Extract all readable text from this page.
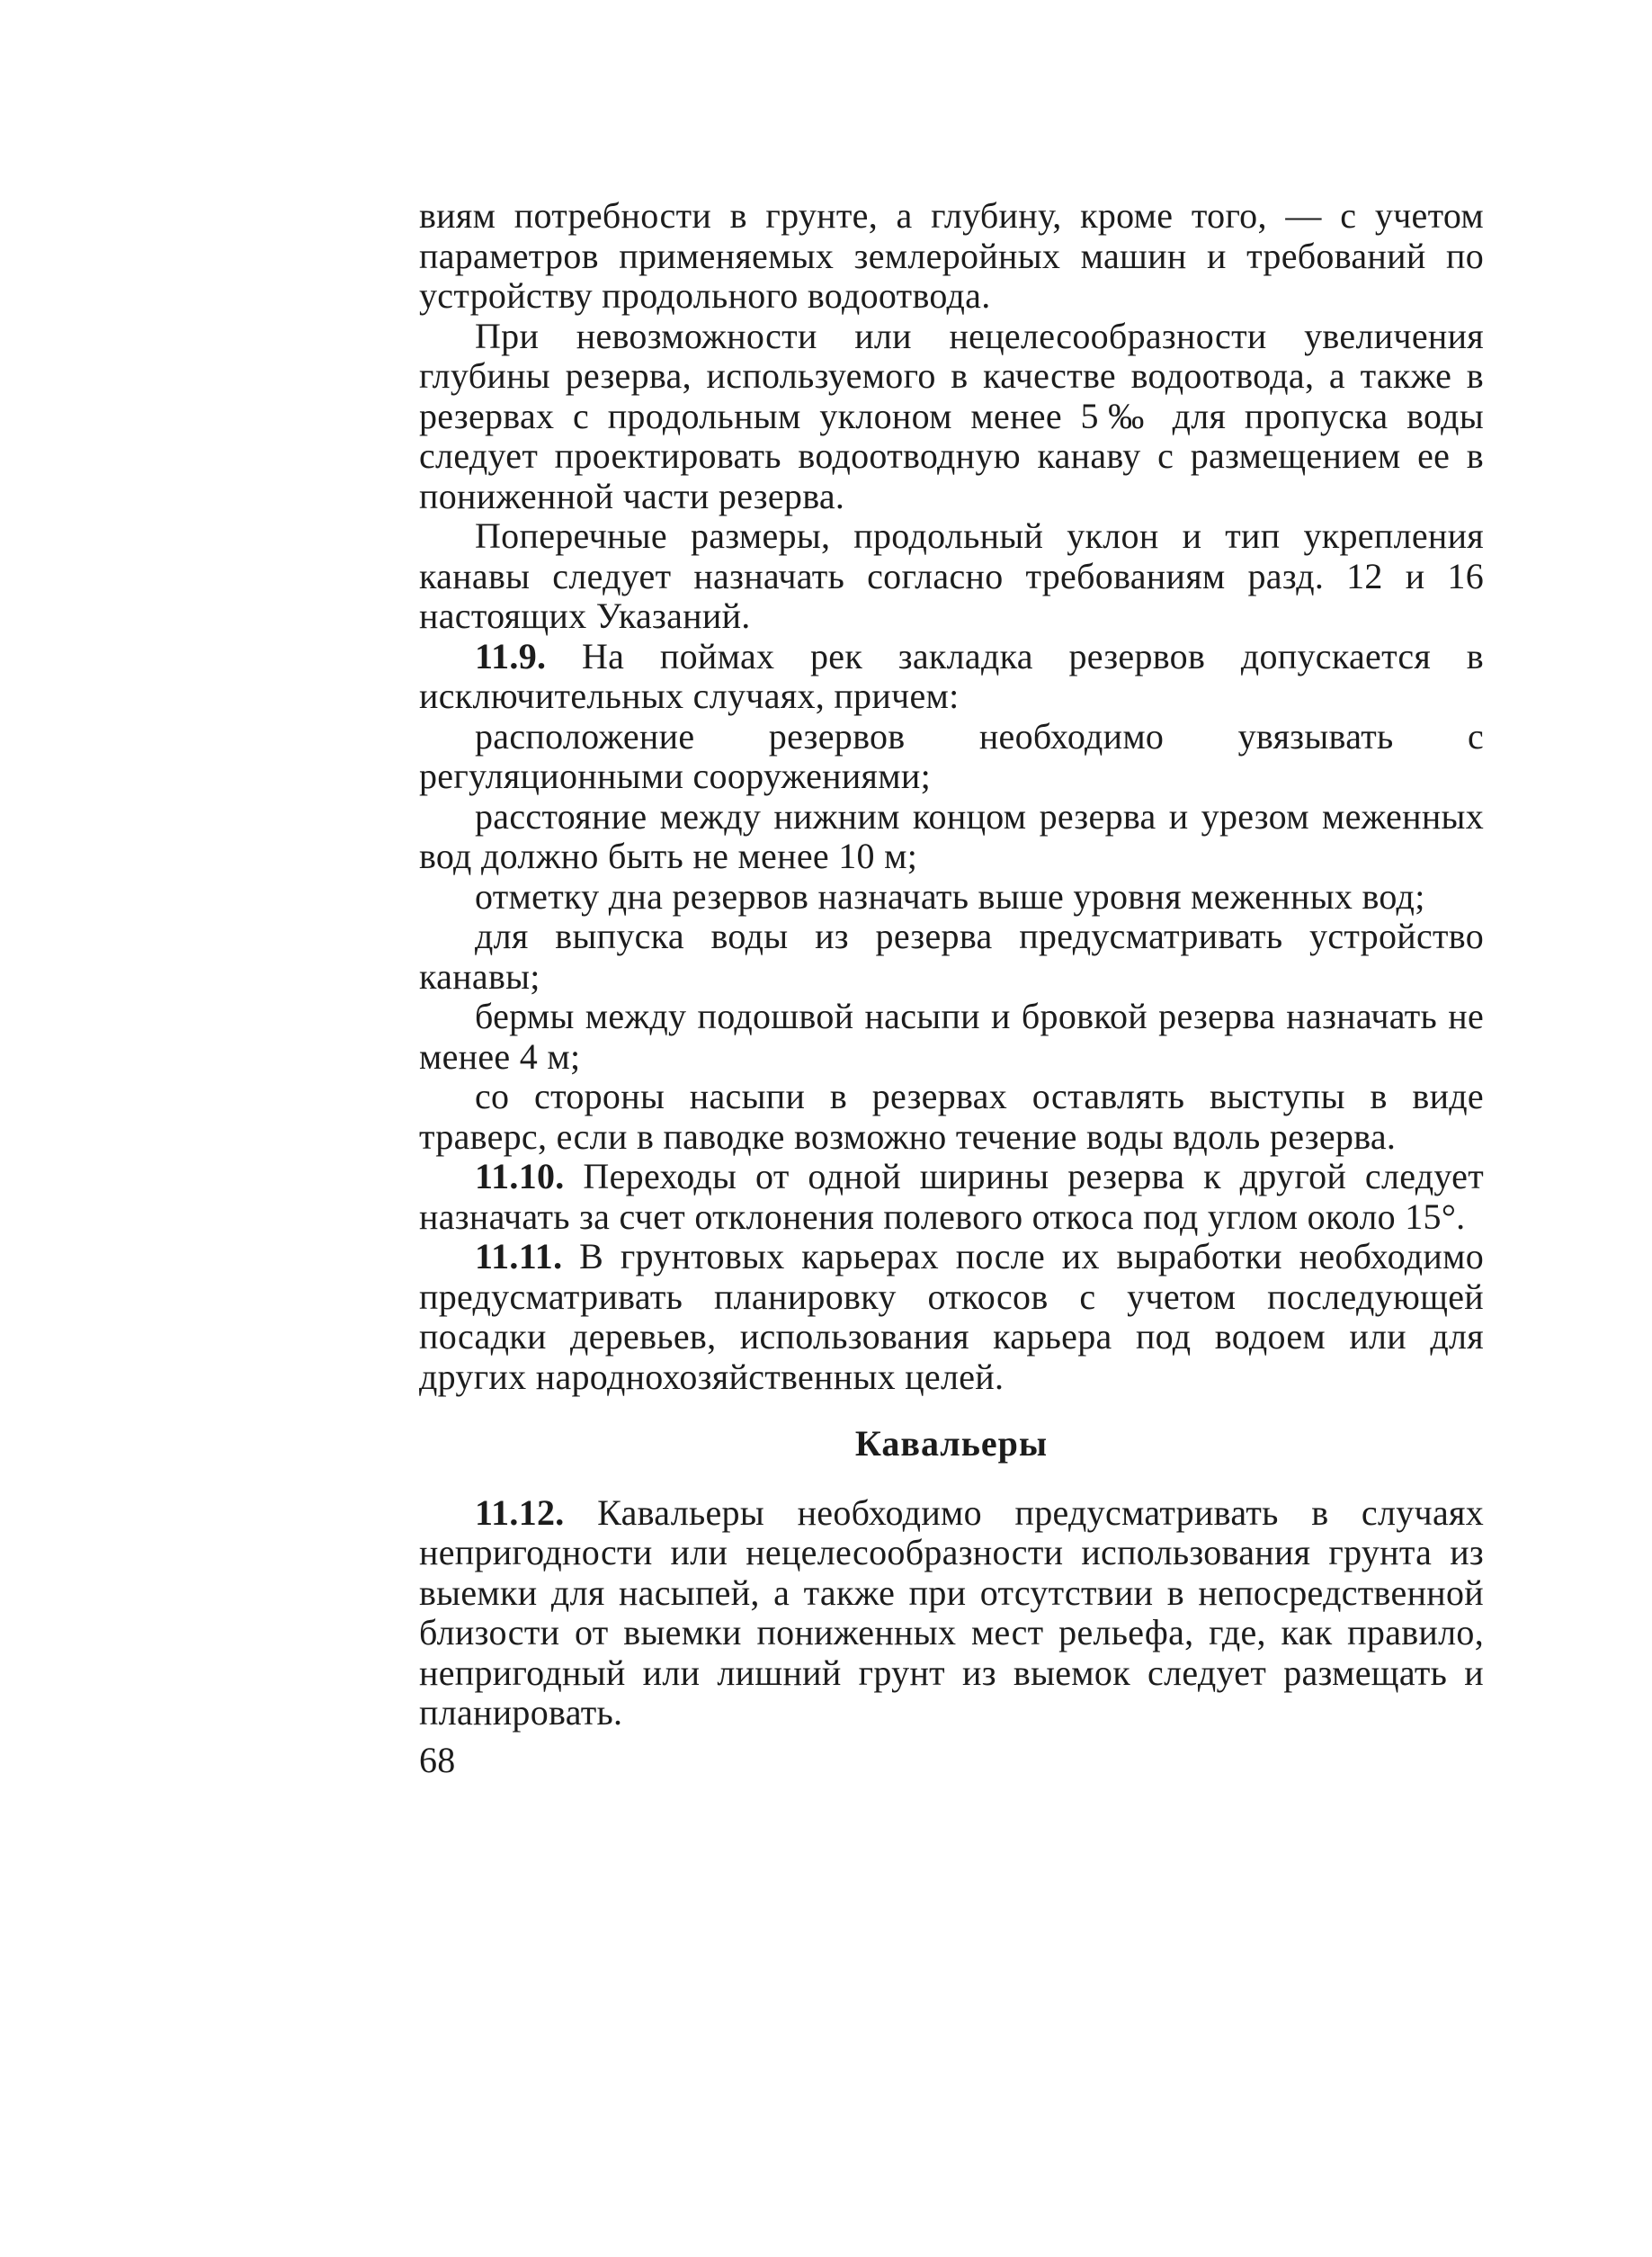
виям потребности в грунте, а глубину, кроме того, — с учетом параметров применяемых землеройных машин и требований по устройству продольного водоотвода.

При невозможности или нецелесообразности увеличения глубины резерва, используемого в качестве водоотвода, а также в резервах с продольным уклоном менее 5‰ для пропуска воды следует проектировать водоотводную канаву с размещением ее в пониженной части резерва.

Поперечные размеры, продольный уклон и тип укрепления канавы следует назначать согласно требованиям разд. 12 и 16 настоящих Указаний.

11.9. На поймах рек закладка резервов допускается в исключительных случаях, причем:

расположение резервов необходимо увязывать с регуляционными сооружениями;

расстояние между нижним концом резерва и урезом меженных вод должно быть не менее 10 м;

отметку дна резервов назначать выше уровня меженных вод;

для выпуска воды из резерва предусматривать устройство канавы;

бермы между подошвой насыпи и бровкой резерва назначать не менее 4 м;

со стороны насыпи в резервах оставлять выступы в виде траверс, если в паводке возможно течение воды вдоль резерва.

11.10. Переходы от одной ширины резерва к другой следует назначать за счет отклонения полевого откоса под углом около 15°.

11.11. В грунтовых карьерах после их выработки необходимо предусматривать планировку откосов с учетом последующей посадки деревьев, использования карьера под водоем или для других народнохозяйственных целей.

Кавальеры

11.12. Кавальеры необходимо предусматривать в случаях непригодности или нецелесообразности использования грунта из выемки для насыпей, а также при отсутствии в непосредственной близости от выемки пониженных мест рельефа, где, как правило, непригодный или лишний грунт из выемок следует размещать и планировать.

68
